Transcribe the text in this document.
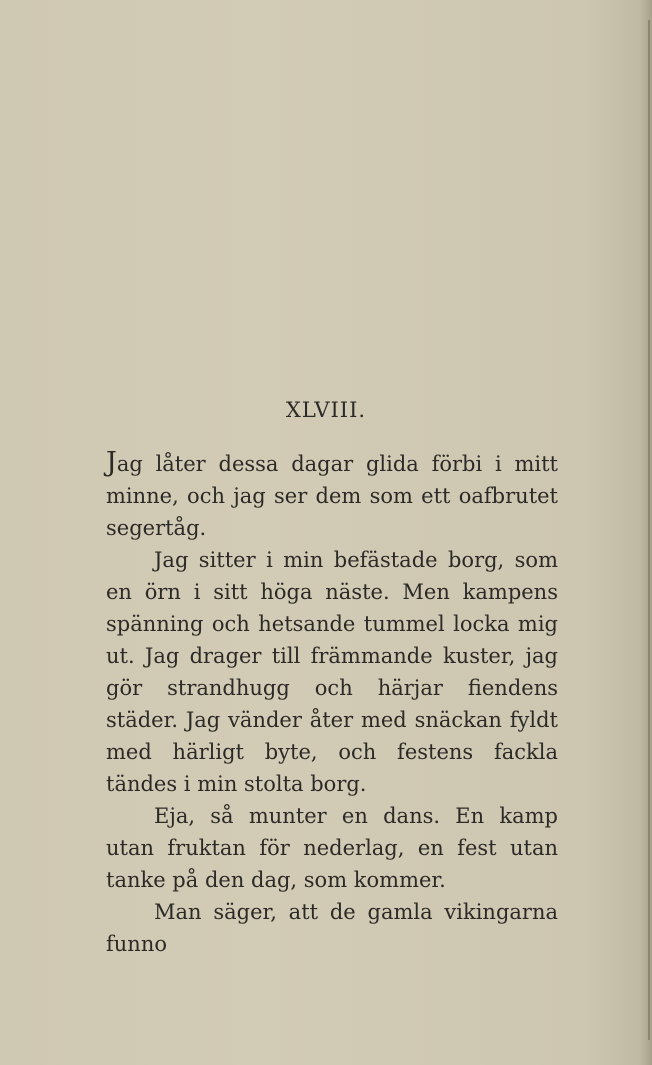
XLVIII.

Jag låter dessa dagar glida förbi i mitt minne, och jag ser dem som ett oafbrutet segertåg.

Jag sitter i min befästade borg, som en örn i sitt höga näste. Men kampens spänning och hetsande tummel locka mig ut. Jag drager till främmande kuster, jag gör strandhugg och härjar fiendens städer. Jag vänder åter med snäckan fyldt med härligt byte, och festens fackla tändes i min stolta borg.

Eja, så munter en dans. En kamp utan fruktan för nederlag, en fest utan tanke på den dag, som kommer.

Man säger, att de gamla vikingarna funno
